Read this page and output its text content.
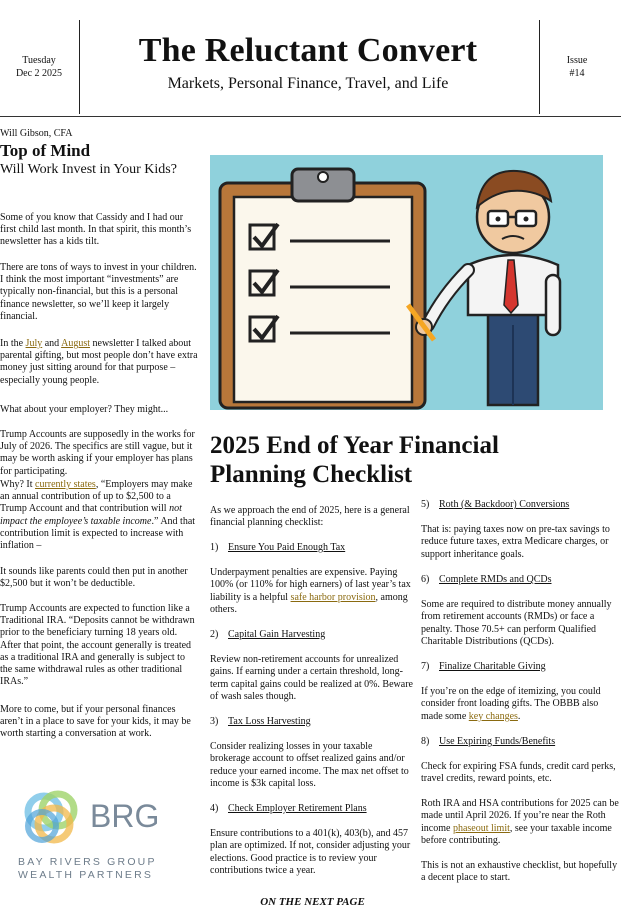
Tuesday
Dec 2 2025
The Reluctant Convert
Markets, Personal Finance, Travel, and Life
Issue
#14
Will Gibson, CFA
Top of Mind
Will Work Invest in Your Kids?

Some of you know that Cassidy and I had our first child last month. In that spirit, this month’s newsletter has a kids tilt.

There are tons of ways to invest in your children. I think the most important “investments” are typically non-financial, but this is a personal finance newsletter, so we’ll keep it largely financial.

In the July and August newsletter I talked about parental gifting, but most people don’t have extra money just sitting around for that purpose – especially young people.

What about your employer? They might...

Trump Accounts are supposedly in the works for July of 2026. The specifics are still vague, but it may be worth asking if your employer has plans for participating.

Why? It currently states, “Employers may make an annual contribution of up to $2,500 to a Trump Account and that contribution will not impact the employee’s taxable income.” And that contribution limit is expected to increase with inflation –

It sounds like parents could then put in another $2,500 but it won’t be deductible.

Trump Accounts are expected to function like a Traditional IRA. “Deposits cannot be withdrawn prior to the beneficiary turning 18 years old. After that point, the account generally is treated as a traditional IRA and generally is subject to the same withdrawal rules as other traditional IRAs.”

More to come, but if your personal finances aren’t in a place to save for your kids, it may be worth starting a conversation at work.

BRG
BAY RIVERS GROUP
WEALTH PARTNERS
2025 End of Year Financial
Planning Checklist

As we approach the end of 2025, here is a general financial planning checklist:

1) Ensure You Paid Enough Tax

Underpayment penalties are expensive. Paying 100% (or 110% for high earners) of last year’s tax liability is a helpful safe harbor provision, among others.

2) Capital Gain Harvesting

Review non-retirement accounts for unrealized gains. If earning under a certain threshold, long-term capital gains could be realized at 0%. Beware of wash sales though.

3) Tax Loss Harvesting

Consider realizing losses in your taxable brokerage account to offset realized gains and/or reduce your earned income. The max net offset to income is $3k capital loss.

4) Check Employer Retirement Plans

Ensure contributions to a 401(k), 403(b), and 457 plan are optimized. If not, consider adjusting your elections. Good practice is to review your contributions twice a year.

5) Roth (& Backdoor) Conversions

That is: paying taxes now on pre-tax savings to reduce future taxes, extra Medicare charges, or support inheritance goals.

6) Complete RMDs and QCDs

Some are required to distribute money annually from retirement accounts (RMDs) or face a penalty. Those 70.5+ can perform Qualified Charitable Distributions (QCDs).

7) Finalize Charitable Giving

If you’re on the edge of itemizing, you could consider front loading gifts. The OBBB also made some key changes.

8) Use Expiring Funds/Benefits

Check for expiring FSA funds, credit card perks, travel credits, reward points, etc.

Roth IRA and HSA contributions for 2025 can be made until April 2026. If you’re near the Roth income phaseout limit, see your taxable income before contributing.

This is not an exhaustive checklist, but hopefully a decent place to start.

ON THE NEXT PAGE
